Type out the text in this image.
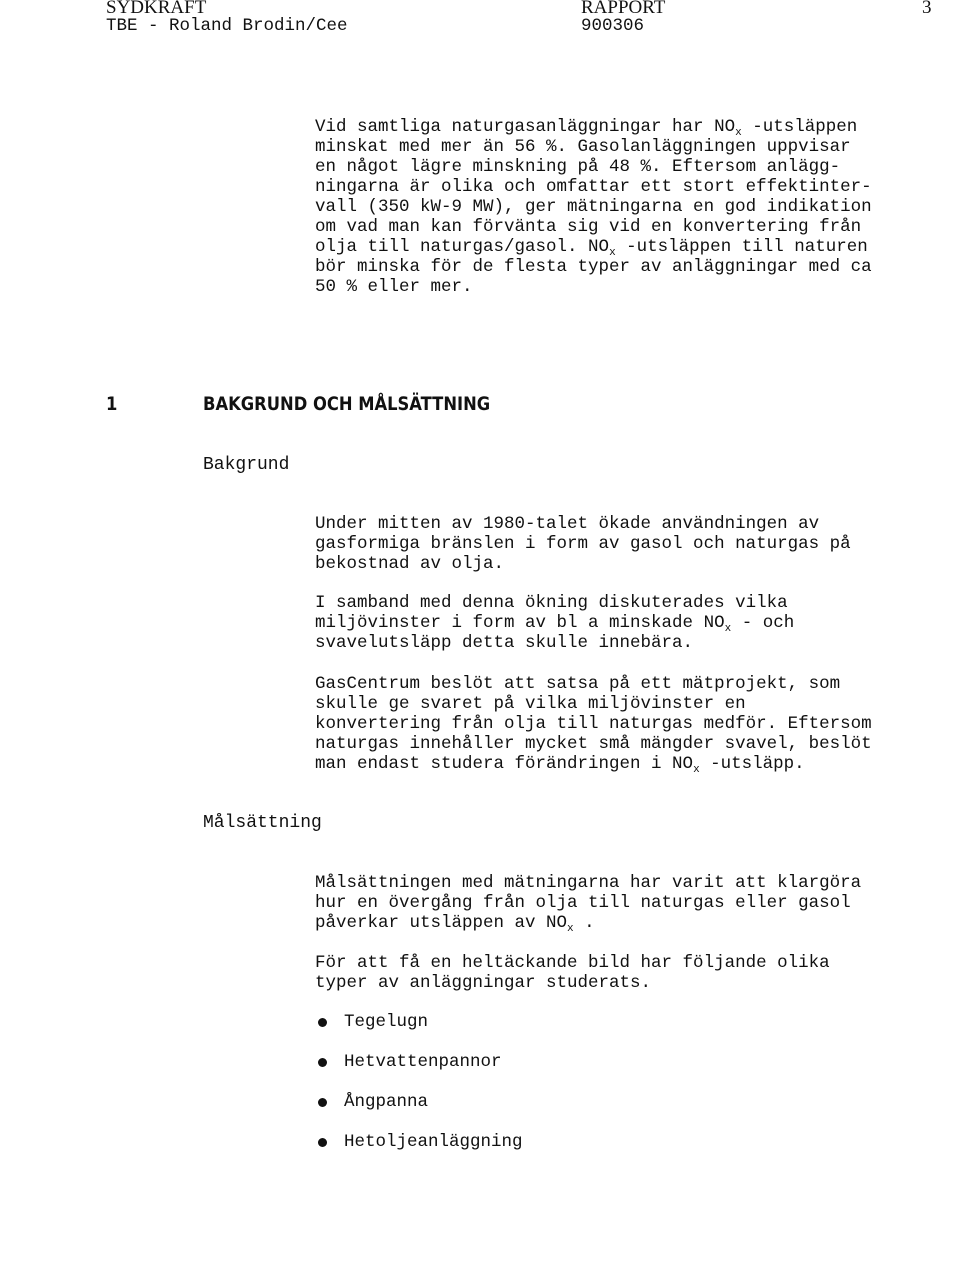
SYDKRAFT
TBE - Roland Brodin/Cee
RAPPORT
900306
3
Vid samtliga naturgasanläggningar har $NO_x$ -utsläppen
minskat med mer än 56 %. Gasolanläggningen uppvisar
en något lägre minskning på 48 %. Eftersom anlägg-
ningarna är olika och omfattar ett stort effektinter-
vall (350 kW-9 MW), ger mätningarna en god indikation
om vad man kan förvänta sig vid en konvertering från
olja till naturgas/gasol. $NO_x$ -utsläppen till naturen
bör minska för de flesta typer av anläggningar med ca
50 % eller mer.
1	BAKGRUND OCH MÅLSÄTTNING
Bakgrund
Under mitten av 1980-talet ökade användningen av
gasformiga bränslen i form av gasol och naturgas på
bekostnad av olja.
I samband med denna ökning diskuterades vilka
miljövinster i form av bl a minskade $NO_x$ - och
svavelutsläpp detta skulle innebära.
GasCentrum beslöt att satsa på ett mätprojekt, som
skulle ge svaret på vilka miljövinster en
konvertering från olja till naturgas medför. Eftersom
naturgas innehåller mycket små mängder svavel, beslöt
man endast studera förändringen i $NO_x$ -utsläpp.
Målsättning
Målsättningen med mätningarna har varit att klargöra
hur en övergång från olja till naturgas eller gasol
påverkar utsläppen av $NO_x$ .
För att få en heltäckande bild har följande olika
typer av anläggningar studerats.
Tegelugn
Hetvattenpannor
Ångpanna
Hetoljeanläggning
